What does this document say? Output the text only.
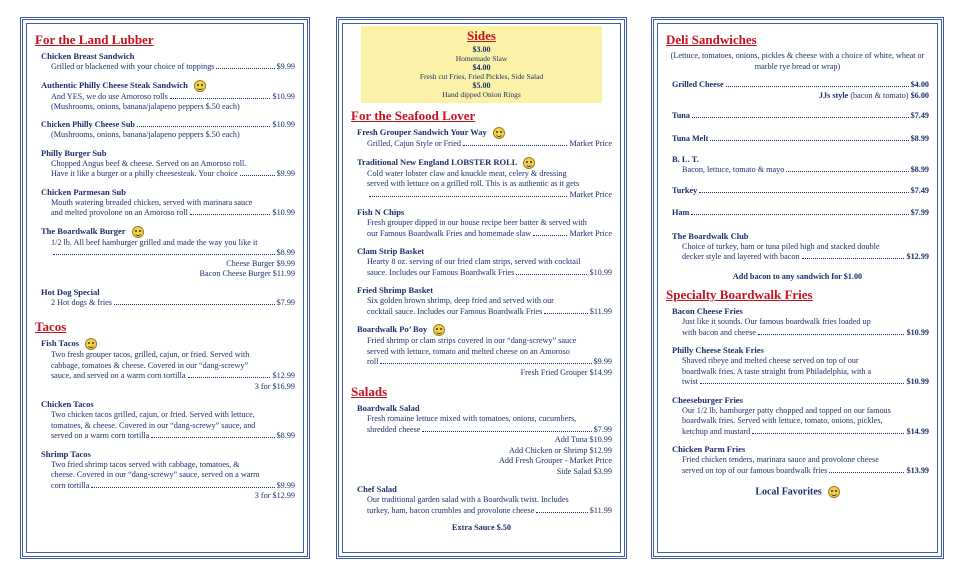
For the Land Lubber
Chicken Breast Sandwich
Grilled or blackened with your choice of toppings	$9.99
Authentic Philly Cheese Steak Sandwich
And YES, we do use Amoroso rolls	$10.99
(Mushrooms, onions, banana/jalapeno peppers $.50 each)
Chicken Philly Cheese Sub	$10.99
(Mushrooms, onions, banana/jalapeno peppers $.50 each)
Philly Burger Sub
Chopped Angus beef & cheese. Served on an Amoroso roll.
Have it like a burger or a philly cheesesteak. Your choice	$9.99
Chicken Parmesan Sub
Mouth watering breaded chicken, served with marinara sauce
and melted provolone on an Amoroso roll	$10.99
The Boardwalk Burger
1/2 lb. All beef hamburger grilled and made the way you like it
$8.99
Cheese Burger $9.99
Bacon Cheese Burger $11.99
Hot Dog Special
2 Hot dogs & fries	$7.99
Tacos
Fish Tacos
Two fresh grouper tacos, grilled, cajun, or fried. Served with
cabbage, tomatoes & cheese. Covered in our “dang-screwy”
sauce, and served on a warm corn tortilla	$12.99
3 for $16.99
Chicken Tacos
Two chicken tacos grilled, cajun, or fried. Served with lettuce,
tomatoes, & cheese. Covered in our “dang-screwy” sauce, and
served on a warm corn tortilla	$8.99
Shrimp Tacos
Two fried shrimp tacos served with cabbage, tomatoes, &
cheese. Covered in our “dang-screwy” sauce, served on a warm
corn tortilla	$9.99
3 for $12.99
Sides
$3.00
Homemade Slaw
$4.00
Fresh cut Fries, Fried Pickles, Side Salad
$5.00
Hand dipped Onion Rings
For the Seafood Lover
Fresh Grouper Sandwich Your Way
Grilled, Cajun Style or Fried	Market Price
Traditional New England LOBSTER ROLL
Cold water lobster claw and knuckle meat, celery & dressing
served with lettuce on a grilled roll. This is as authentic as it gets
Market Price
Fish N Chips
Fresh grouper dipped in our house recipe beer batter & served with
our Famous Boardwalk Fries and homemade slaw	Market Price
Clam Strip Basket
Hearty 8 oz. serving of our fried clam strips, served with cocktail
sauce. Includes our Famous Boardwalk Fries	$10.99
Fried Shrimp Basket
Six golden brown shrimp, deep fried and served with our
cocktail sauce. Includes our Famous Boardwalk Fries	$11.99
Boardwalk Po’ Boy
Fried shrimp or clam strips covered in our “dang-screwy” sauce
served with lettuce, tomato and melted cheese on an Amoroso
roll	$9.99
Fresh Fried Grouper $14.99
Salads
Boardwalk Salad
Fresh romaine lettuce mixed with tomatoes, onions, cucumbers,
shredded cheese	$7.99
Add Tuna $10.99
Add Chicken or Shrimp $12.99
Add Fresh Grouper - Market Price
Side Salad $3.99
Chef Salad
Our traditional garden salad with a Boardwalk twist. Includes
turkey, ham, bacon crumbles and provolone cheese	$11.99
Extra Sauce $.50
Deli Sandwiches
(Lettuce, tomatoes, onions, pickles & cheese with a choice of white, wheat or marble rye bread or wrap)
Grilled Cheese	$4.00
JJs style (bacon & tomato) $6.00
Tuna	$7.49
Tuna Melt	$8.99
B. L. T.
Bacon, lettuce, tomato & mayo	$8.99
Turkey	$7.49
Ham	$7.99
The Boardwalk Club
Choice of turkey, ham or tuna piled high and stacked double
decker style and layered with bacon	$12.99
Add bacon to any sandwich for $1.00
Specialty Boardwalk Fries
Bacon Cheese Fries
Just like it sounds. Our famous boardwalk fries loaded up
with bacon and cheese	$10.99
Philly Cheese Steak Fries
Shaved ribeye and melted cheese served on top of our
boardwalk fries. A taste straight from Philadelphia, with a
twist	$10.99
Cheeseburger Fries
Our 1/2 lb. hamburger patty chopped and topped on our famous
boardwalk fries. Served with lettuce, tomato, onions, pickles,
ketchup and mustard	$14.99
Chicken Parm Fries
Fried chicken tenders, marinara sauce and provolone cheese
served on top of our famous boardwalk fries	$13.99
Local Favorites
